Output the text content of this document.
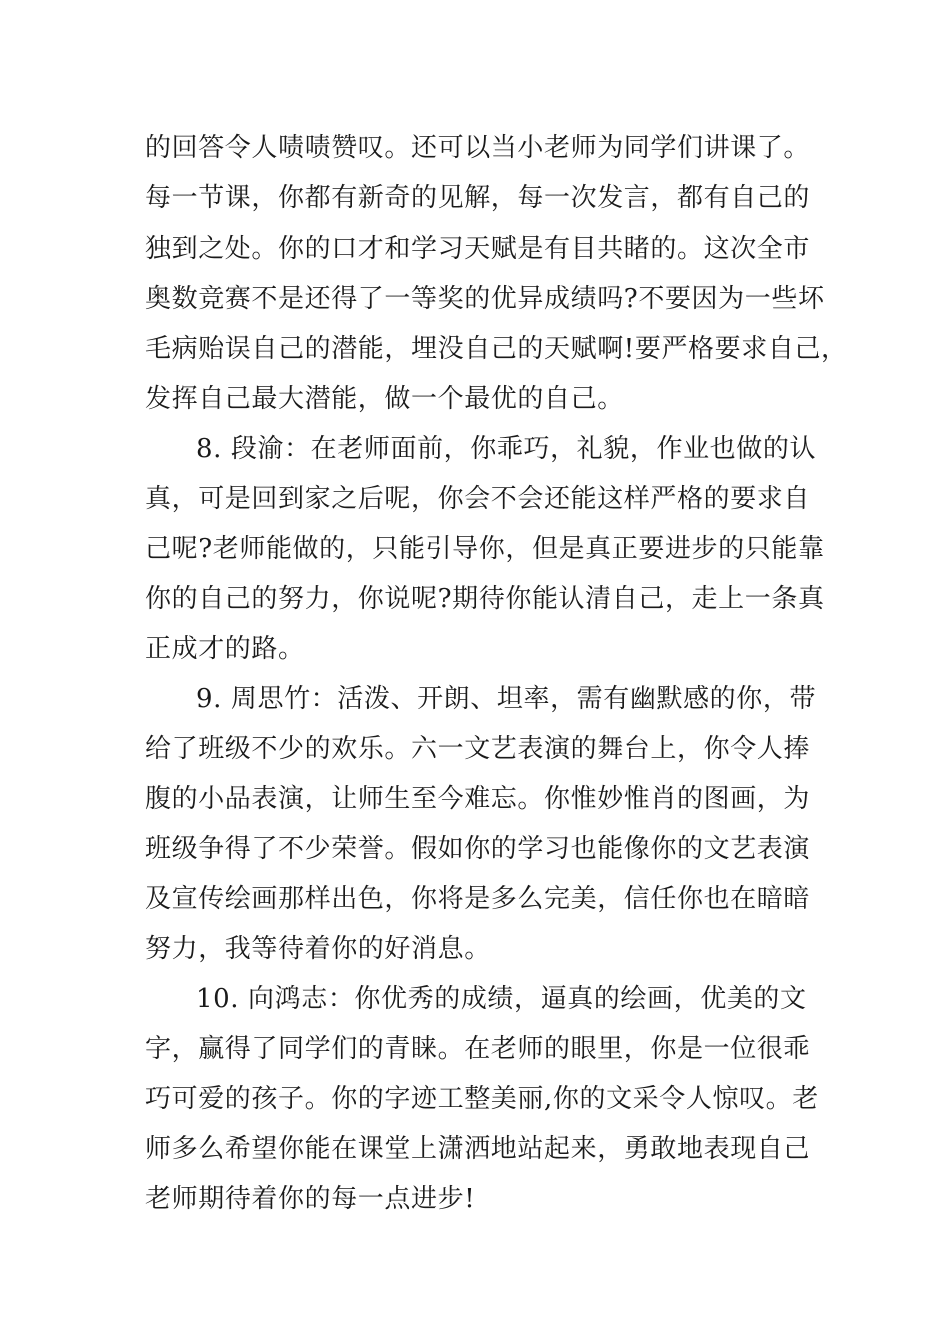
的回答令人啧啧赞叹。还可以当小老师为同学们讲课了。
每一节课，你都有新奇的见解，每一次发言，都有自己的
独到之处。你的口才和学习天赋是有目共睹的。这次全市
奥数竞赛不是还得了一等奖的优异成绩吗?不要因为一些坏
毛病贻误自己的潜能，埋没自己的天赋啊!要严格要求自己，
发挥自己最大潜能，做一个最优的自己。
8. 段渝：在老师面前，你乖巧，礼貌，作业也做的认
真，可是回到家之后呢，你会不会还能这样严格的要求自
己呢?老师能做的，只能引导你，但是真正要进步的只能靠
你的自己的努力，你说呢?期待你能认清自己，走上一条真
正成才的路。
9. 周思竹：活泼、开朗、坦率，需有幽默感的你，带
给了班级不少的欢乐。六一文艺表演的舞台上，你令人捧
腹的小品表演，让师生至今难忘。你惟妙惟肖的图画，为
班级争得了不少荣誉。假如你的学习也能像你的文艺表演
及宣传绘画那样出色，你将是多么完美，信任你也在暗暗
努力，我等待着你的好消息。
10. 向鸿志：你优秀的成绩，逼真的绘画，优美的文
字，赢得了同学们的青睐。在老师的眼里，你是一位很乖
巧可爱的孩子。你的字迹工整美丽,你的文采令人惊叹。老
师多么希望你能在课堂上潇洒地站起来，勇敢地表现自己
老师期待着你的每一点进步!
